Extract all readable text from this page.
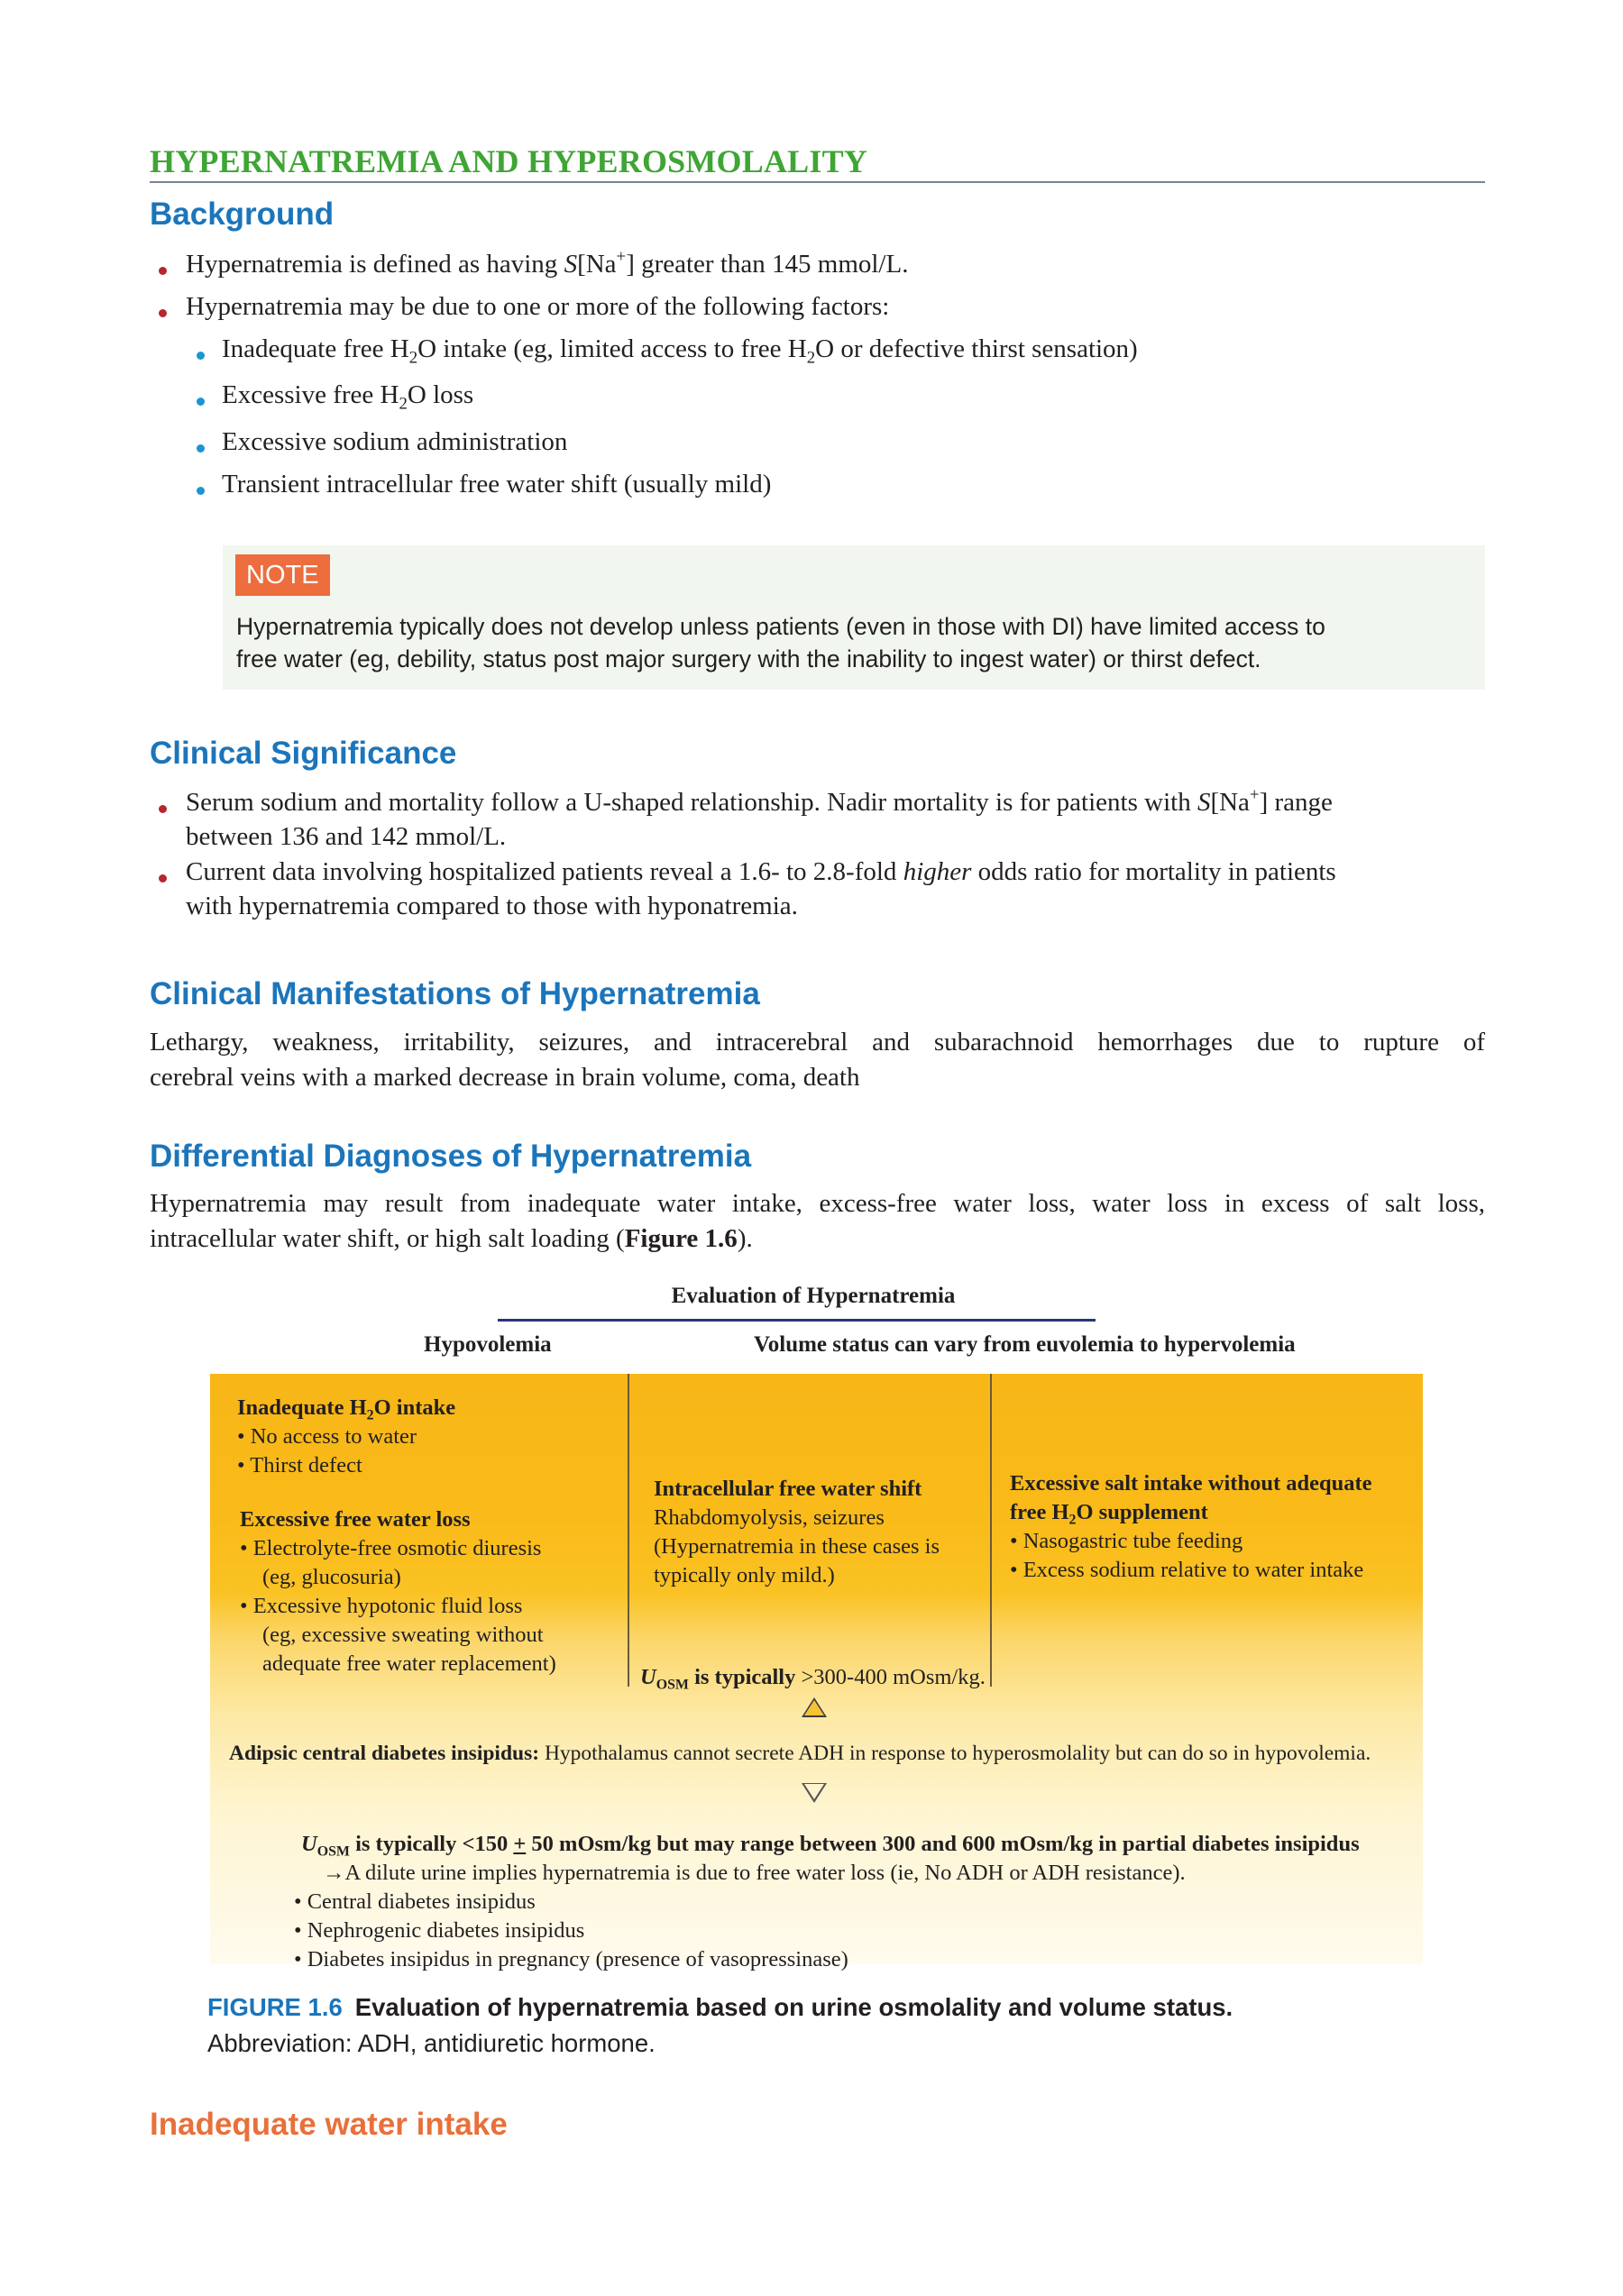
HYPERNATREMIA AND HYPEROSMOLALITY
Background
Hypernatremia is defined as having S[Na+] greater than 145 mmol/L.
Hypernatremia may be due to one or more of the following factors:
Inadequate free $H_2O$ intake (eg, limited access to free $H_2O$ or defective thirst sensation)
Excessive free $H_2O$ loss
Excessive sodium administration
Transient intracellular free water shift (usually mild)
NOTE
Hypernatremia typically does not develop unless patients (even in those with DI) have limited access to
free water (eg, debility, status post major surgery with the inability to ingest water) or thirst defect.
Clinical Significance
Serum sodium and mortality follow a U-shaped relationship. Nadir mortality is for patients with S[Na+] range
between 136 and 142 mmol/L.
Current data involving hospitalized patients reveal a 1.6- to 2.8-fold higher odds ratio for mortality in patients
with hypernatremia compared to those with hyponatremia.
Clinical Manifestations of Hypernatremia
Lethargy, weakness, irritability, seizures, and intracerebral and subarachnoid hemorrhages due to rupture of
cerebral veins with a marked decrease in brain volume, coma, death
Differential Diagnoses of Hypernatremia
Hypernatremia may result from inadequate water intake, excess-free water loss, water loss in excess of salt loss,
intracellular water shift, or high salt loading (Figure 1.6).
Evaluation of Hypernatremia
Hypovolemia	Volume status can vary from euvolemia to hypervolemia
Inadequate $H_2O$ intake
• No access to water
• Thirst defect
Excessive free water loss
• Electrolyte-free osmotic diuresis
(eg, glucosuria)
• Excessive hypotonic fluid loss
(eg, excessive sweating without
adequate free water replacement)
Intracellular free water shift
Rhabdomyolysis, seizures
(Hypernatremia in these cases is
typically only mild.)
$U_{OSM}$ is typically >300-400 mOsm/kg.
Excessive salt intake without adequate
free $H_2O$ supplement
• Nasogastric tube feeding
• Excess sodium relative to water intake
Adipsic central diabetes insipidus: Hypothalamus cannot secrete ADH in response to hyperosmolality but can do so in hypovolemia.
$U_{OSM}$ is typically <150 + 50 mOsm/kg but may range between 300 and 600 mOsm/kg in partial diabetes insipidus
→A dilute urine implies hypernatremia is due to free water loss (ie, No ADH or ADH resistance).
• Central diabetes insipidus
• Nephrogenic diabetes insipidus
• Diabetes insipidus in pregnancy (presence of vasopressinase)
FIGURE 1.6 Evaluation of hypernatremia based on urine osmolality and volume status.
Abbreviation: ADH, antidiuretic hormone.
Inadequate water intake
